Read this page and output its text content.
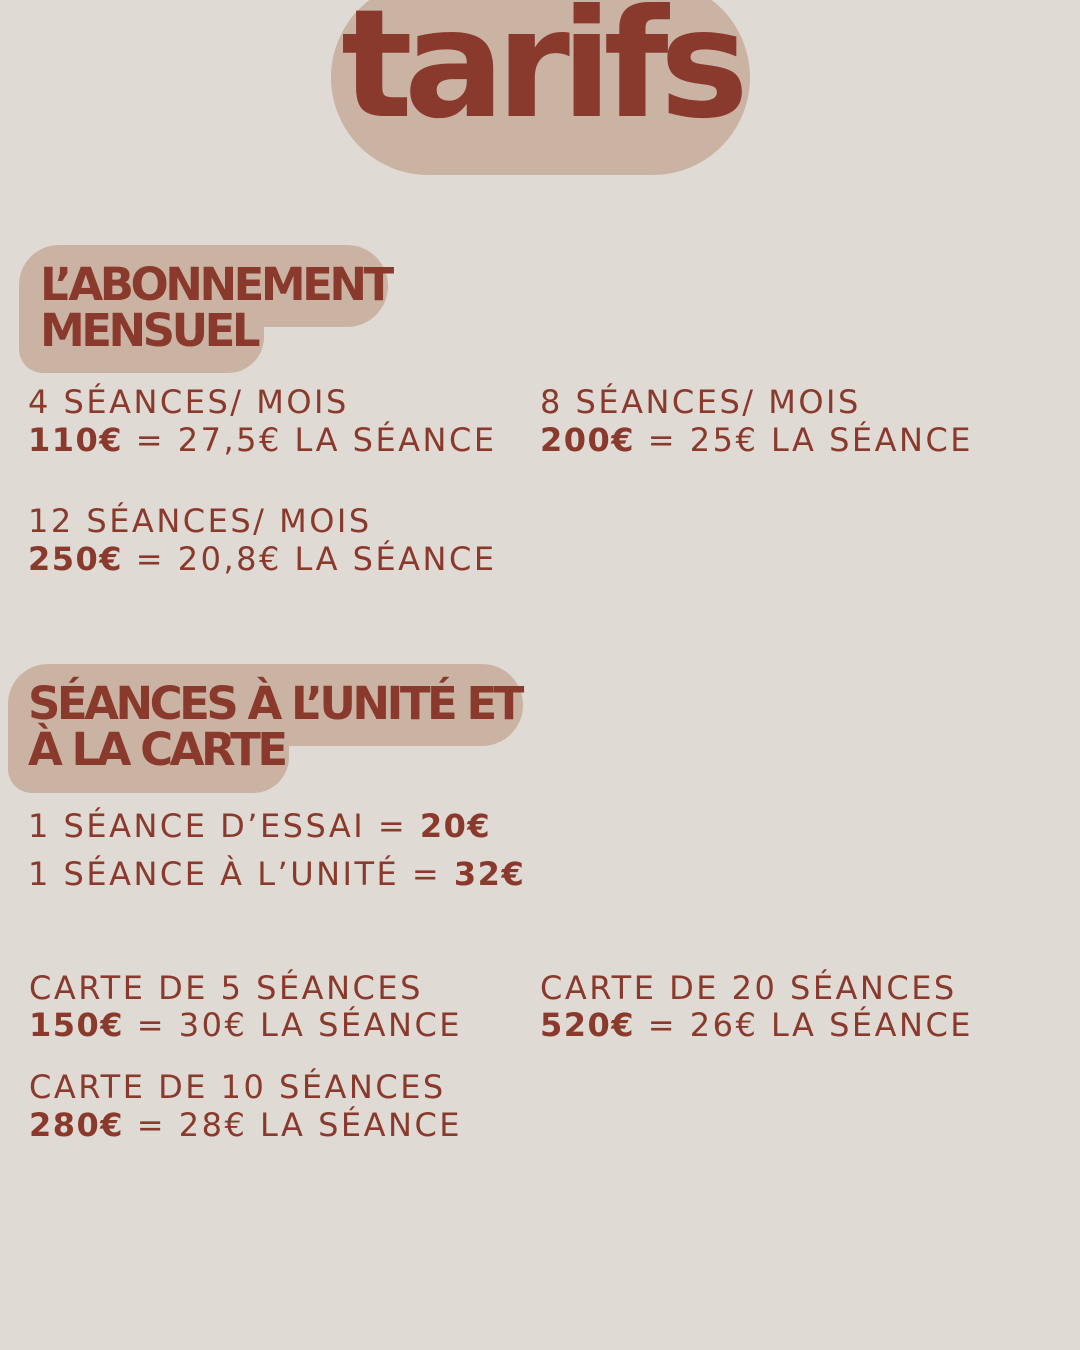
tarifs
L’ABONNEMENT
MENSUEL

4 SÉANCES/ MOIS

110€ = 27,5€ LA SÉANCE

8 SÉANCES/ MOIS

200€ = 25€ LA SÉANCE

12 SÉANCES/ MOIS

250€ = 20,8€ LA SÉANCE

SÉANCES À L’UNITÉ ET
À LA CARTE

1 SÉANCE D’ESSAI = 20€

1 SÉANCE À L’UNITÉ = 32€

CARTE DE 5 SÉANCES

150€ = 30€ LA SÉANCE

CARTE DE 20 SÉANCES

520€ = 26€ LA SÉANCE

CARTE DE 10 SÉANCES

280€ = 28€ LA SÉANCE
